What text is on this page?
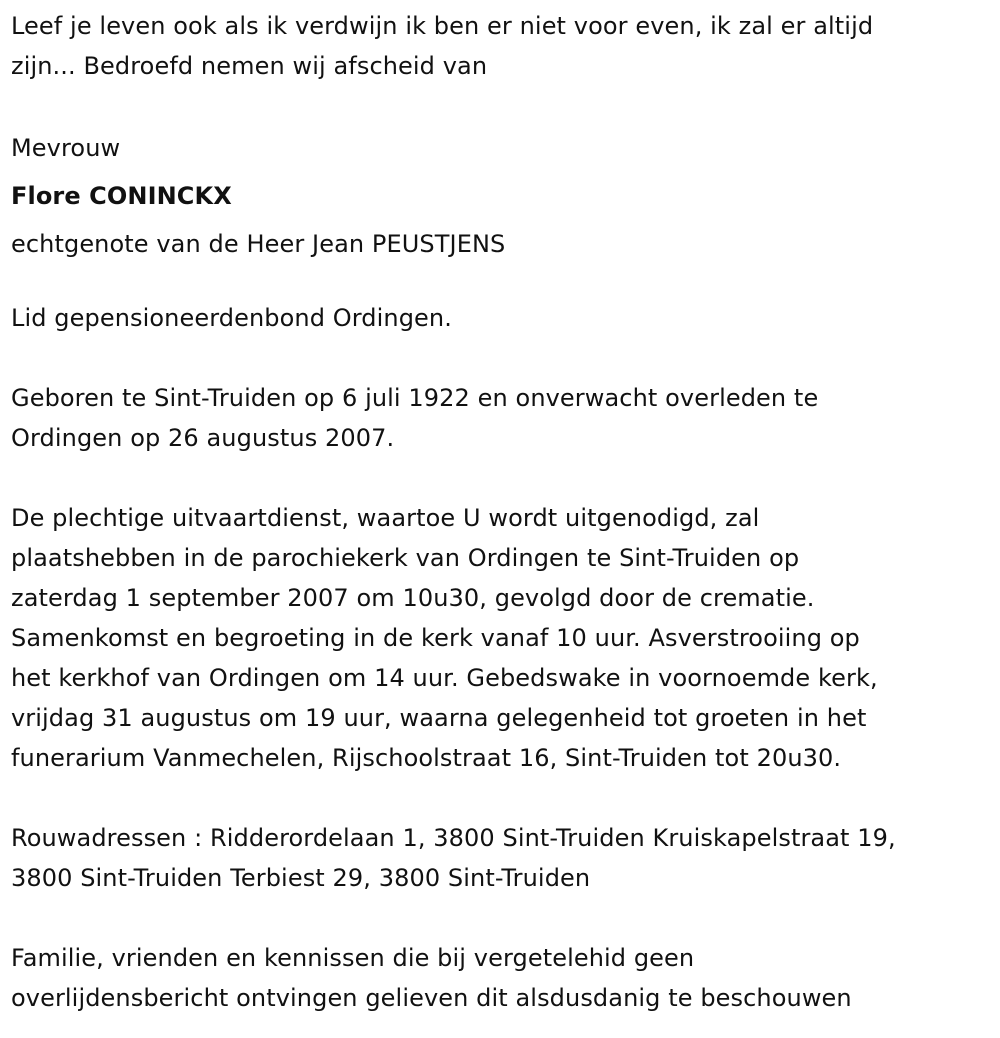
Leef je leven ook als ik verdwijn ik ben er niet voor even, ik zal er altijd
zijn... Bedroefd nemen wij afscheid van
Mevrouw
Flore CONINCKX
echtgenote van de Heer Jean PEUSTJENS
Lid gepensioneerdenbond Ordingen.
Geboren te Sint-Truiden op 6 juli 1922 en onverwacht overleden te
Ordingen op 26 augustus 2007.
De plechtige uitvaartdienst, waartoe U wordt uitgenodigd, zal
plaatshebben in de parochiekerk van Ordingen te Sint-Truiden op
zaterdag 1 september 2007 om 10u30, gevolgd door de crematie.
Samenkomst en begroeting in de kerk vanaf 10 uur. Asverstrooiing op
het kerkhof van Ordingen om 14 uur. Gebedswake in voornoemde kerk,
vrijdag 31 augustus om 19 uur, waarna gelegenheid tot groeten in het
funerarium Vanmechelen, Rijschoolstraat 16, Sint-Truiden tot 20u30.
Rouwadressen : Ridderordelaan 1, 3800 Sint-Truiden Kruiskapelstraat 19,
3800 Sint-Truiden Terbiest 29, 3800 Sint-Truiden
Familie, vrienden en kennissen die bij vergetelehid geen
overlijdensbericht ontvingen gelieven dit alsdusdanig te beschouwen
